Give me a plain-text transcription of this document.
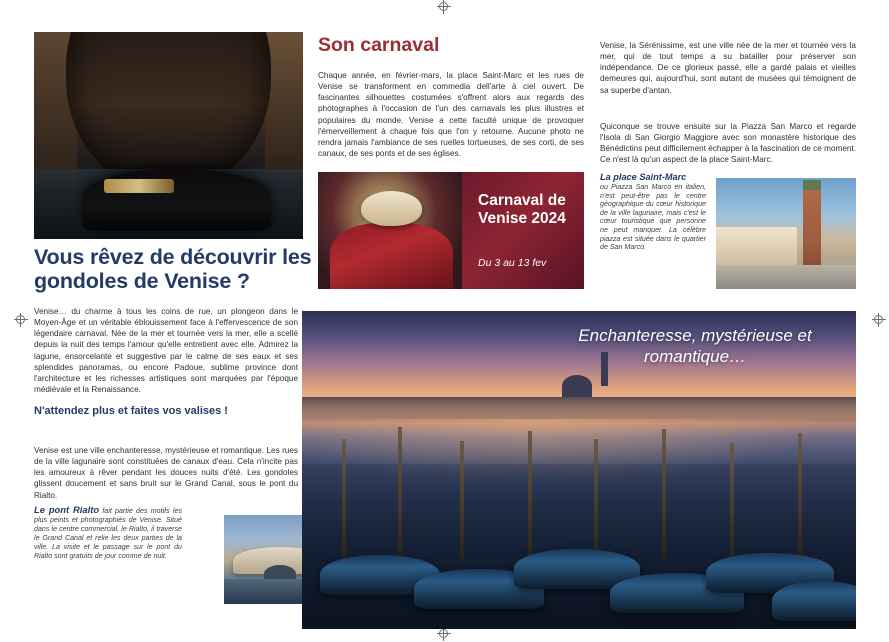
Vous rêvez de découvrir les gondoles de Venise ?

Venise… du charme à tous les coins de rue, un plongeon dans le Moyen-Âge et un véritable éblouissement face à l'effervescence de son légendaire carnaval. Née de la mer et tournée vers la mer, elle a scellé depuis la nuit des temps l'amour qu'elle entretient avec elle. Admirez la lagune, ensorcelante et suggestive par le calme de ses eaux et ses splendides panoramas, ou encore Padoue, sublime province dont l'architecture et les richesses artistiques sont marquées par l'époque médiévale et la Renaissance.

N'attendez plus et faites vos valises !

Venise est une ville enchanteresse, mystérieuse et romantique. Les rues de la ville lagunaire sont constituées de canaux d'eau. Cela n'incite pas les amoureux à rêver pendant les douces nuits d'été. Les gondoles glissent doucement et sans bruit sur le Grand Canal, sous le pont du Rialto.

Le pont Rialto fait partie des motifs les plus peints et photographiés de Venise. Situé dans le centre commercial, le Rialto, il traverse le Grand Canal et relie les deux parties de la ville. La visite et le passage sur le pont du Rialto sont gratuits de jour comme de nuit.
Son carnaval

Chaque année, en février-mars, la place Saint-Marc et les rues de Venise se transforment en commedia dell'arte à ciel ouvert. De fascinantes silhouettes costumées s'offrent alors aux regards des photographes à l'occasion de l'un des carnavals les plus illustres et populaires du monde. Venise a cette faculté unique de provoquer l'émerveillement à chaque fois que l'on y retourne. Aucune photo ne rendra jamais l'ambiance de ses ruelles tortueuses, de ses corti, de ses canaux, de ses ponts et de ses églises.

Carnaval de Venise 2024
Du 3 au 13 fev

Venise, la Sérénissime, est une ville née de la mer et tournée vers la mer, qui de tout temps a su batailler pour préserver son indépendance. De ce glorieux passé, elle a gardé palais et vieilles demeures qui, aujourd'hui, sont autant de musées qui témoignent de sa superbe d'antan.

Quiconque se trouve ensuite sur la Piazza San Marco et regarde l'Isola di San Giorgio Maggiore avec son monastère historique des Bénédictins peut difficilement échapper à la fascination de ce moment. Ce n'est là qu'un aspect de la place Saint-Marc.

La place Saint-Marc
ou Piazza San Marco en italien, n'est peut-être pas le centre géographique du cœur historique de la ville lagunaire, mais c'est le cœur touristique que personne ne peut manquer. La célèbre piazza est située dans le quartier de San Marco.
Enchanteresse, mystérieuse et romantique…
